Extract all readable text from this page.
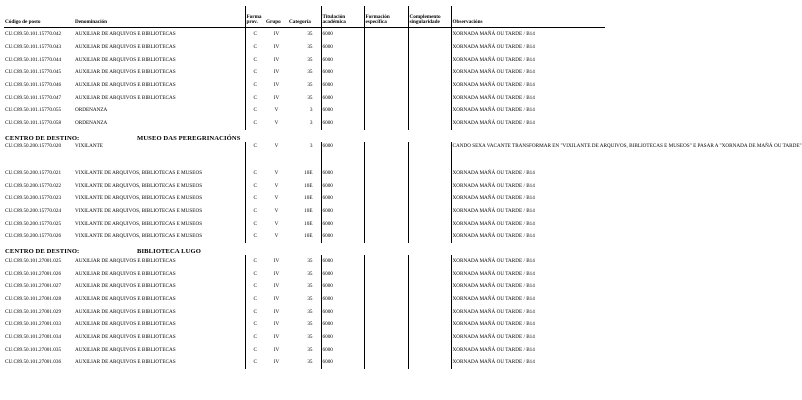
Código de posto	Denominación	Forma prov.	Grupo	Categoría	Titulación académica	Formación específica	Complemento singularidade	Observacións
CU.C89.50.101.15770.042	AUXILIAR DE ARQUIVOS E BIBLIOTECAS	C	IV	35	6000			XORNADA MAÑÁ OU TARDE / B14
CU.C89.50.101.15770.043	AUXILIAR DE ARQUIVOS E BIBLIOTECAS	C	IV	35	6000			XORNADA MAÑÁ OU TARDE / B14
CU.C89.50.101.15770.044	AUXILIAR DE ARQUIVOS E BIBLIOTECAS	C	IV	35	6000			XORNADA MAÑÁ OU TARDE / B14
CU.C89.50.101.15770.045	AUXILIAR DE ARQUIVOS E BIBLIOTECAS	C	IV	35	6000			XORNADA MAÑÁ OU TARDE / B14
CU.C89.50.101.15770.046	AUXILIAR DE ARQUIVOS E BIBLIOTECAS	C	IV	35	6000			XORNADA MAÑÁ OU TARDE / B14
CU.C89.50.101.15770.047	AUXILIAR DE ARQUIVOS E BIBLIOTECAS	C	IV	35	6000			XORNADA MAÑÁ OU TARDE / B14
CU.C89.50.101.15770.055	ORDENANZA	C	V	3	6000			XORNADA MAÑÁ OU TARDE / B14
CU.C89.50.101.15770.058	ORDENANZA	C	V	3	6000			XORNADA MAÑÁ OU TARDE / B14
CENTRO DE DESTINO: MUSEO DAS PEREGRINACIÓNS								
CU.C89.50.200.15770.020	VIXILANTE	C	V	3	6000			CANDO SEXA VACANTE TRANSFORMAR EN "VIXILANTE DE ARQUIVOS, BIBLIOTECAS E MUSEOS" E PASAR A "XORNADA DE MAÑÁ OU TARDE"
CU.C89.50.200.15770.021	VIXILANTE DE ARQUIVOS, BIBLIOTECAS E MUSEOS	C	V	10E	6000			XORNADA MAÑÁ OU TARDE / B14
CU.C89.50.200.15770.022	VIXILANTE DE ARQUIVOS, BIBLIOTECAS E MUSEOS	C	V	10E	6000			XORNADA MAÑÁ OU TARDE / B14
CU.C89.50.200.15770.023	VIXILANTE DE ARQUIVOS, BIBLIOTECAS E MUSEOS	C	V	10E	6000			XORNADA MAÑÁ OU TARDE / B14
CU.C89.50.200.15770.024	VIXILANTE DE ARQUIVOS, BIBLIOTECAS E MUSEOS	C	V	10E	6000			XORNADA MAÑÁ OU TARDE / B14
CU.C89.50.200.15770.025	VIXILANTE DE ARQUIVOS, BIBLIOTECAS E MUSEOS	C	V	10E	6000			XORNADA MAÑÁ OU TARDE / B14
CU.C89.50.200.15770.026	VIXILANTE DE ARQUIVOS, BIBLIOTECAS E MUSEOS	C	V	10E	6000			XORNADA MAÑÁ OU TARDE / B14
CENTRO DE DESTINO: BIBLIOTECA LUGO								
CU.C89.50.101.27001.025	AUXILIAR DE ARQUIVOS E BIBLIOTECAS	C	IV	35	6000			XORNADA MAÑÁ OU TARDE / B14
CU.C89.50.101.27001.026	AUXILIAR DE ARQUIVOS E BIBLIOTECAS	C	IV	35	6000			XORNADA MAÑÁ OU TARDE / B14
CU.C89.50.101.27001.027	AUXILIAR DE ARQUIVOS E BIBLIOTECAS	C	IV	35	6000			XORNADA MAÑÁ OU TARDE / B14
CU.C89.50.101.27001.028	AUXILIAR DE ARQUIVOS E BIBLIOTECAS	C	IV	35	6000			XORNADA MAÑÁ OU TARDE / B14
CU.C89.50.101.27001.029	AUXILIAR DE ARQUIVOS E BIBLIOTECAS	C	IV	35	6000			XORNADA MAÑÁ OU TARDE / B14
CU.C89.50.101.27001.033	AUXILIAR DE ARQUIVOS E BIBLIOTECAS	C	IV	35	6000			XORNADA MAÑÁ OU TARDE / B14
CU.C89.50.101.27001.034	AUXILIAR DE ARQUIVOS E BIBLIOTECAS	C	IV	35	6000			XORNADA MAÑÁ OU TARDE / B14
CU.C89.50.101.27001.035	AUXILIAR DE ARQUIVOS E BIBLIOTECAS	C	IV	35	6000			XORNADA MAÑÁ OU TARDE / B14
CU.C89.50.101.27001.036	AUXILIAR DE ARQUIVOS E BIBLIOTECAS	C	IV	35	6000			XORNADA MAÑÁ OU TARDE / B14
